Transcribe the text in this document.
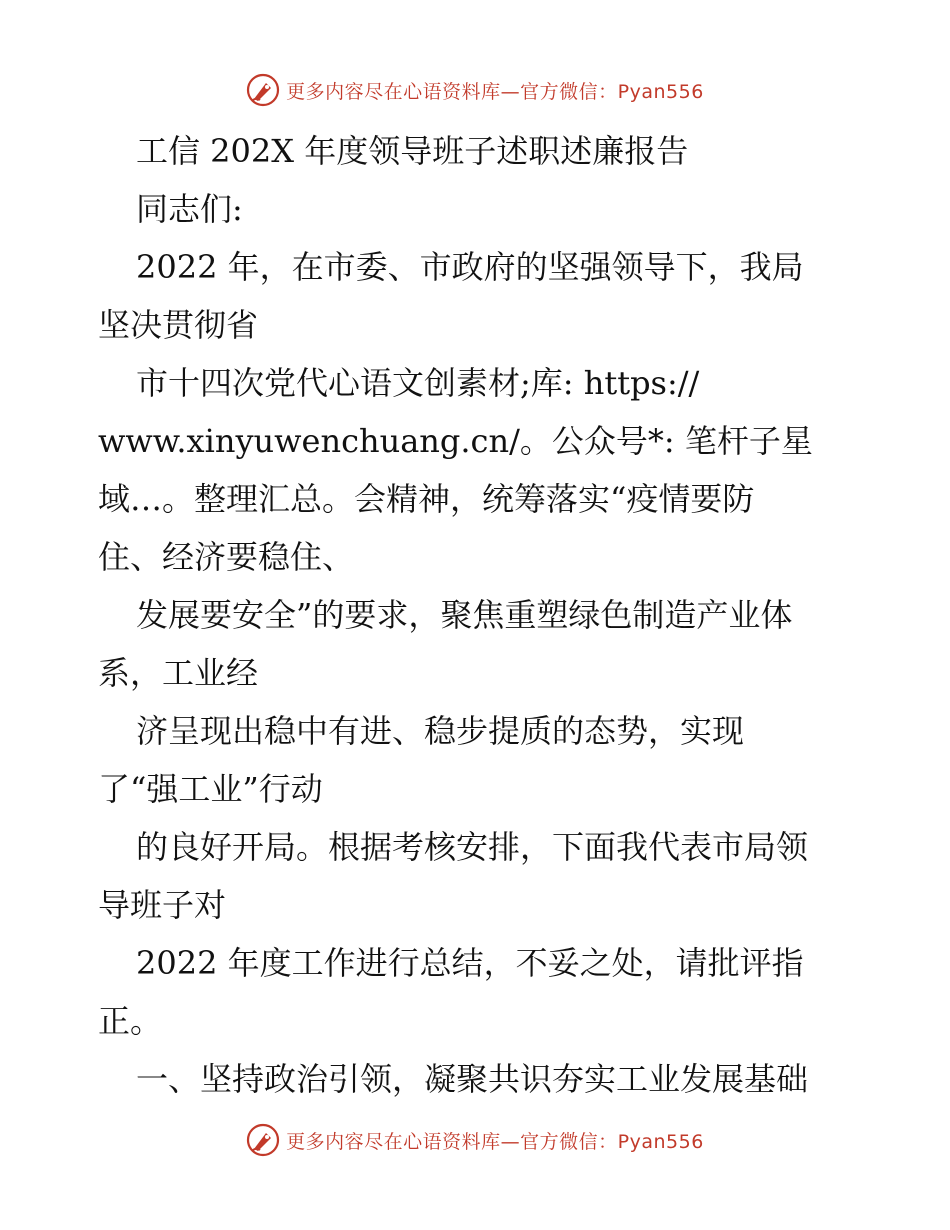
更多内容尽在心语资料库—官方微信：Pyan556
工信 202X 年度领导班子述职述廉报告
同志们:
2022 年，在市委、市政府的坚强领导下，我局
坚决贯彻省
市十四次党代心语文创素材;库: https://
www.xinyuwenchuang.cn/。公众号*: 笔杆子星
域…。整理汇总。会精神，统筹落实“疫情要防
住、经济要稳住、
发展要安全”的要求，聚焦重塑绿色制造产业体
系，工业经
济呈现出稳中有进、稳步提质的态势，实现
了“强工业”行动
的良好开局。根据考核安排，下面我代表市局领
导班子对
2022 年度工作进行总结，不妥之处，请批评指
正。
一、坚持政治引领，凝聚共识夯实工业发展基础
更多内容尽在心语资料库—官方微信：Pyan556
